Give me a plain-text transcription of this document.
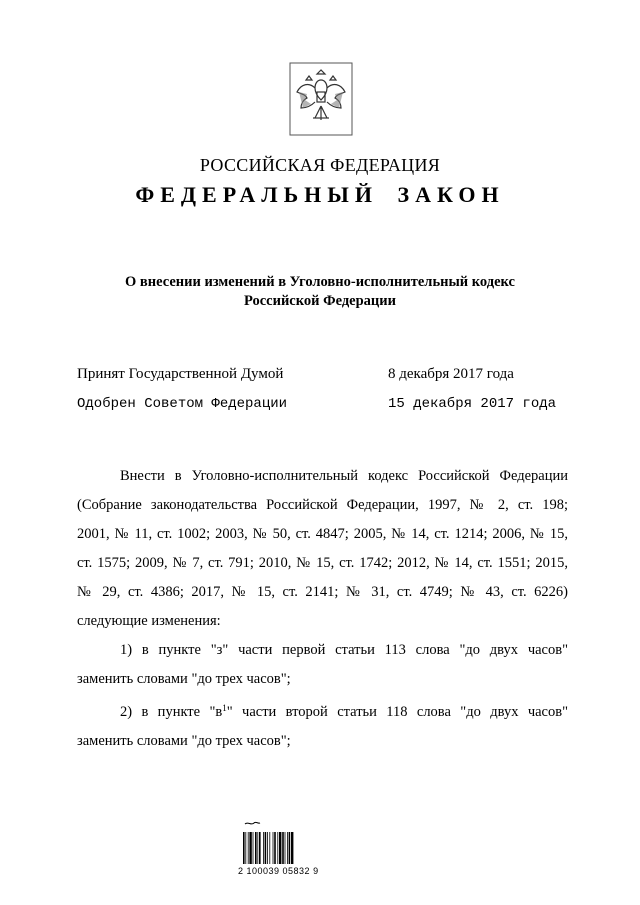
РОССИЙСКАЯ ФЕДЕРАЦИЯ
ФЕДЕРАЛЬНЫЙ ЗАКОН
О внесении изменений в Уголовно-исполнительный кодекс
Российской Федерации
Принят Государственной Думой	8 декабря 2017 года
Одобрен Советом Федерации	15 декабря 2017 года
Внести в Уголовно-исполнительный кодекс Российской Федерации
(Собрание законодательства Российской Федерации, 1997, № 2, ст. 198;
2001, № 11, ст. 1002; 2003, № 50, ст. 4847; 2005, № 14, ст. 1214; 2006, № 15,
ст. 1575; 2009, № 7, ст. 791; 2010, № 15, ст. 1742; 2012, № 14, ст. 1551; 2015,
№ 29, ст. 4386; 2017, № 15, ст. 2141; № 31, ст. 4749; № 43, ст. 6226)
следующие изменения:
1) в пункте "з" части первой статьи 113 слова "до двух часов"
заменить словами "до трех часов";
2) в пункте "$в^1$" части второй статьи 118 слова "до двух часов"
заменить словами "до трех часов";
2 100039 05832 9
